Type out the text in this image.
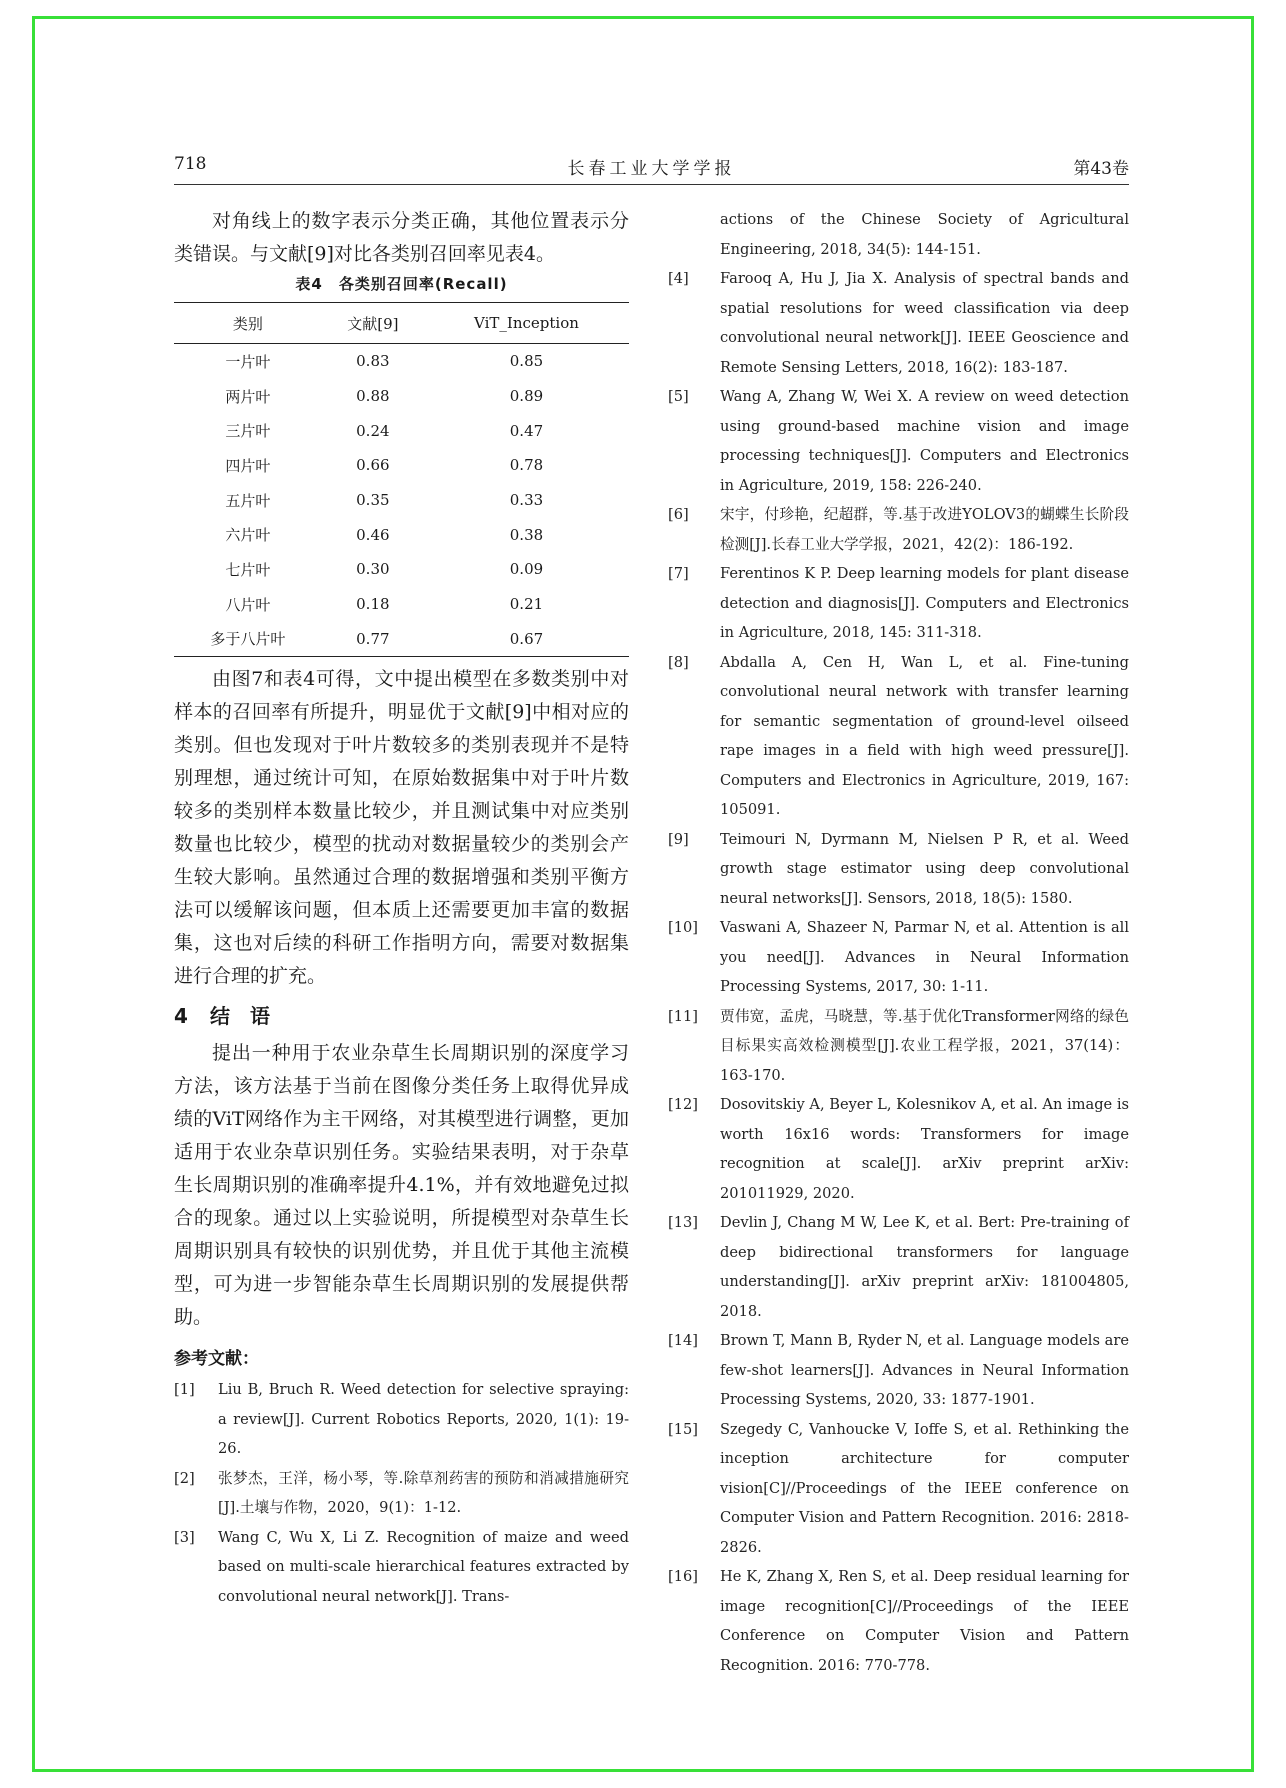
718	长春工业大学学报	第43卷

对角线上的数字表示分类正确，其他位置表示分类错误。与文献[9]对比各类别召回率见表4。

表4　各类别召回率(Recall)
类别	文献[9]	ViT_Inception
一片叶	0.83	0.85
两片叶	0.88	0.89
三片叶	0.24	0.47
四片叶	0.66	0.78
五片叶	0.35	0.33
六片叶	0.46	0.38
七片叶	0.30	0.09
八片叶	0.18	0.21
多于八片叶	0.77	0.67

由图7和表4可得，文中提出模型在多数类别中对样本的召回率有所提升，明显优于文献[9]中相对应的类别。但也发现对于叶片数较多的类别表现并不是特别理想，通过统计可知，在原始数据集中对于叶片数较多的类别样本数量比较少，并且测试集中对应类别数量也比较少，模型的扰动对数据量较少的类别会产生较大影响。虽然通过合理的数据增强和类别平衡方法可以缓解该问题，但本质上还需要更加丰富的数据集，这也对后续的科研工作指明方向，需要对数据集进行合理的扩充。

4 结　语

提出一种用于农业杂草生长周期识别的深度学习方法，该方法基于当前在图像分类任务上取得优异成绩的ViT网络作为主干网络，对其模型进行调整，更加适用于农业杂草识别任务。实验结果表明，对于杂草生长周期识别的准确率提升4.1%，并有效地避免过拟合的现象。通过以上实验说明，所提模型对杂草生长周期识别具有较快的识别优势，并且优于其他主流模型，可为进一步智能杂草生长周期识别的发展提供帮助。

参考文献：
[1]	Liu B, Bruch R. Weed detection for selective spraying: a review[J]. Current Robotics Reports, 2020, 1(1): 19-26.
[2]	张梦杰，王洋，杨小琴，等.除草剂药害的预防和消减措施研究[J].土壤与作物，2020，9(1)：1-12.
[3]	Wang C, Wu X, Li Z. Recognition of maize and weed based on multi-scale hierarchical features extracted by convolutional neural network[J]. Trans-
actions of the Chinese Society of Agricultural Engineering, 2018, 34(5): 144-151.
[4]	Farooq A, Hu J, Jia X. Analysis of spectral bands and spatial resolutions for weed classification via deep convolutional neural network[J]. IEEE Geoscience and Remote Sensing Letters, 2018, 16(2): 183-187.
[5]	Wang A, Zhang W, Wei X. A review on weed detection using ground-based machine vision and image processing techniques[J]. Computers and Electronics in Agriculture, 2019, 158: 226-240.
[6]	宋宇，付珍艳，纪超群，等.基于改进YOLOV3的蝴蝶生长阶段检测[J].长春工业大学学报，2021，42(2)：186-192.
[7]	Ferentinos K P. Deep learning models for plant disease detection and diagnosis[J]. Computers and Electronics in Agriculture, 2018, 145: 311-318.
[8]	Abdalla A, Cen H, Wan L, et al. Fine-tuning convolutional neural network with transfer learning for semantic segmentation of ground-level oilseed rape images in a field with high weed pressure[J]. Computers and Electronics in Agriculture, 2019, 167: 105091.
[9]	Teimouri N, Dyrmann M, Nielsen P R, et al. Weed growth stage estimator using deep convolutional neural networks[J]. Sensors, 2018, 18(5): 1580.
[10]	Vaswani A, Shazeer N, Parmar N, et al. Attention is all you need[J]. Advances in Neural Information Processing Systems, 2017, 30: 1-11.
[11]	贾伟宽，孟虎，马晓慧，等.基于优化Transformer网络的绿色目标果实高效检测模型[J].农业工程学报，2021，37(14)：163-170.
[12]	Dosovitskiy A, Beyer L, Kolesnikov A, et al. An image is worth 16x16 words: Transformers for image recognition at scale[J]. arXiv preprint arXiv: 201011929, 2020.
[13]	Devlin J, Chang M W, Lee K, et al. Bert: Pre-training of deep bidirectional transformers for language understanding[J]. arXiv preprint arXiv: 181004805, 2018.
[14]	Brown T, Mann B, Ryder N, et al. Language models are few-shot learners[J]. Advances in Neural Information Processing Systems, 2020, 33: 1877-1901.
[15]	Szegedy C, Vanhoucke V, Ioffe S, et al. Rethinking the inception architecture for computer vision[C]//Proceedings of the IEEE conference on Computer Vision and Pattern Recognition. 2016: 2818-2826.
[16]	He K, Zhang X, Ren S, et al. Deep residual learning for image recognition[C]//Proceedings of the IEEE Conference on Computer Vision and Pattern Recognition. 2016: 770-778.
